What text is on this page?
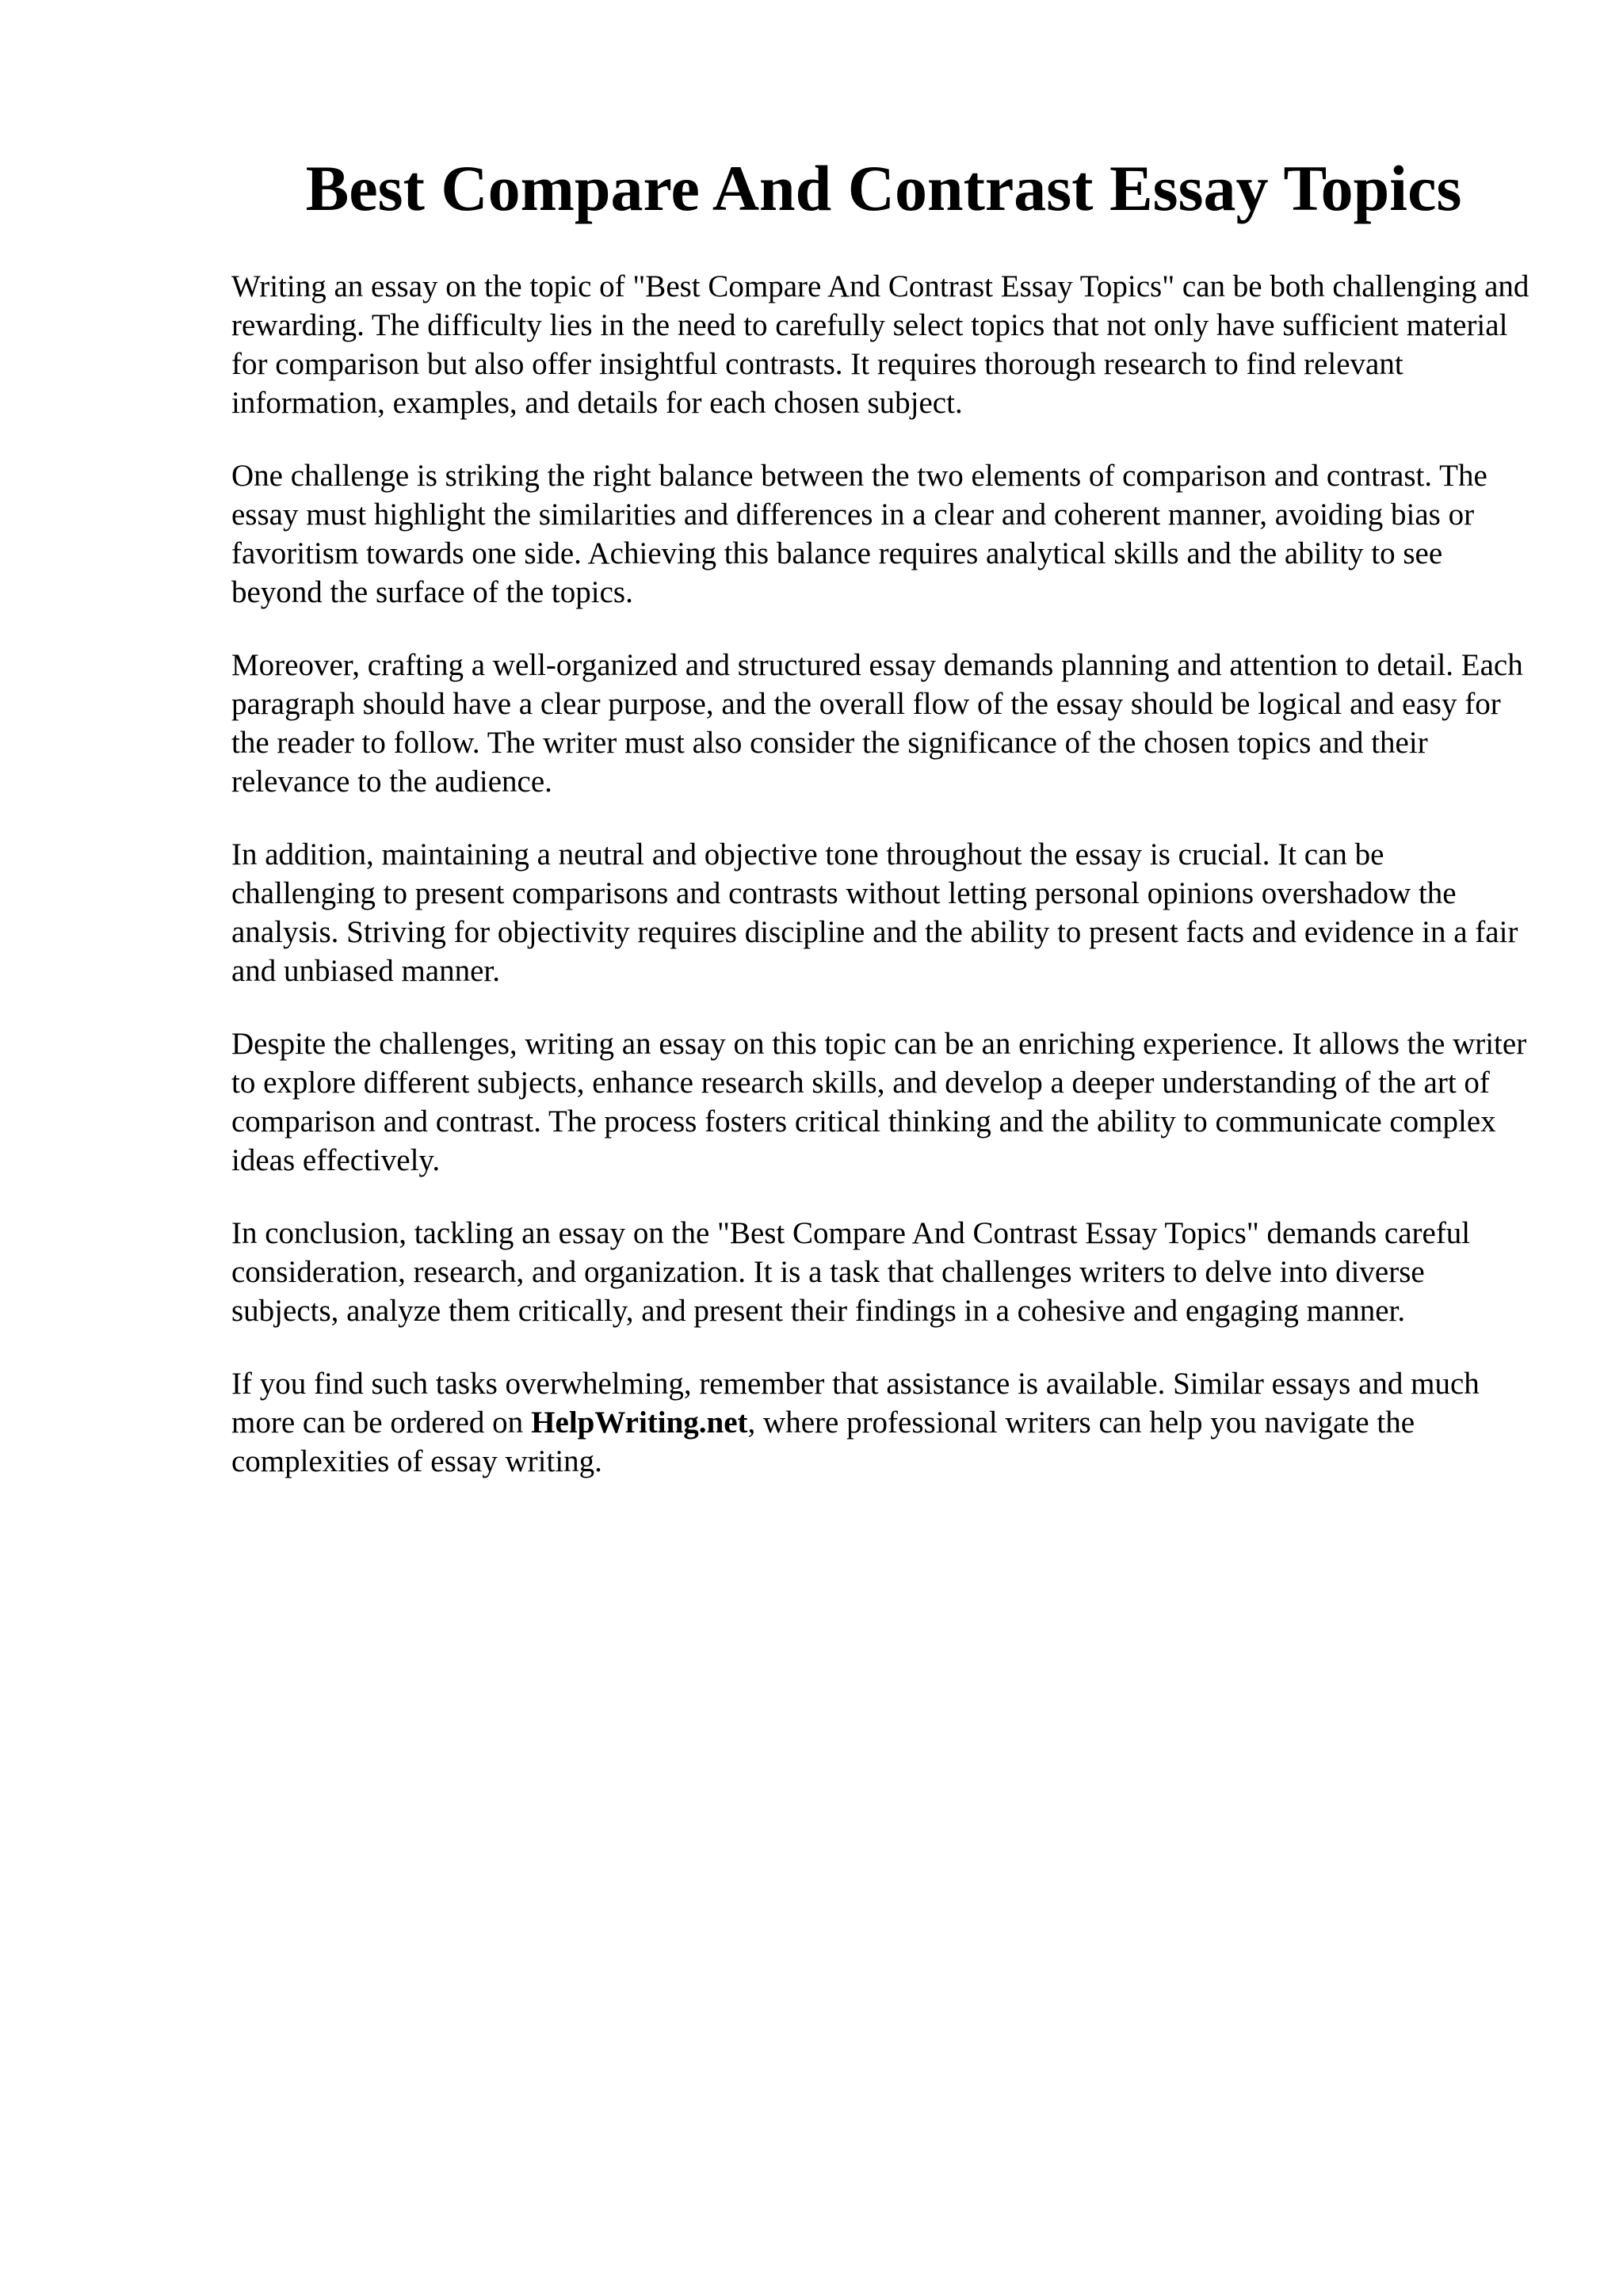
Best Compare And Contrast Essay Topics

Writing an essay on the topic of "Best Compare And Contrast Essay Topics" can be both challenging and rewarding. The difficulty lies in the need to carefully select topics that not only have sufficient material for comparison but also offer insightful contrasts. It requires thorough research to find relevant information, examples, and details for each chosen subject.

One challenge is striking the right balance between the two elements of comparison and contrast. The essay must highlight the similarities and differences in a clear and coherent manner, avoiding bias or favoritism towards one side. Achieving this balance requires analytical skills and the ability to see beyond the surface of the topics.

Moreover, crafting a well-organized and structured essay demands planning and attention to detail. Each paragraph should have a clear purpose, and the overall flow of the essay should be logical and easy for the reader to follow. The writer must also consider the significance of the chosen topics and their relevance to the audience.

In addition, maintaining a neutral and objective tone throughout the essay is crucial. It can be challenging to present comparisons and contrasts without letting personal opinions overshadow the analysis. Striving for objectivity requires discipline and the ability to present facts and evidence in a fair and unbiased manner.

Despite the challenges, writing an essay on this topic can be an enriching experience. It allows the writer to explore different subjects, enhance research skills, and develop a deeper understanding of the art of comparison and contrast. The process fosters critical thinking and the ability to communicate complex ideas effectively.

In conclusion, tackling an essay on the "Best Compare And Contrast Essay Topics" demands careful consideration, research, and organization. It is a task that challenges writers to delve into diverse subjects, analyze them critically, and present their findings in a cohesive and engaging manner.

If you find such tasks overwhelming, remember that assistance is available. Similar essays and much more can be ordered on HelpWriting.net, where professional writers can help you navigate the complexities of essay writing.
